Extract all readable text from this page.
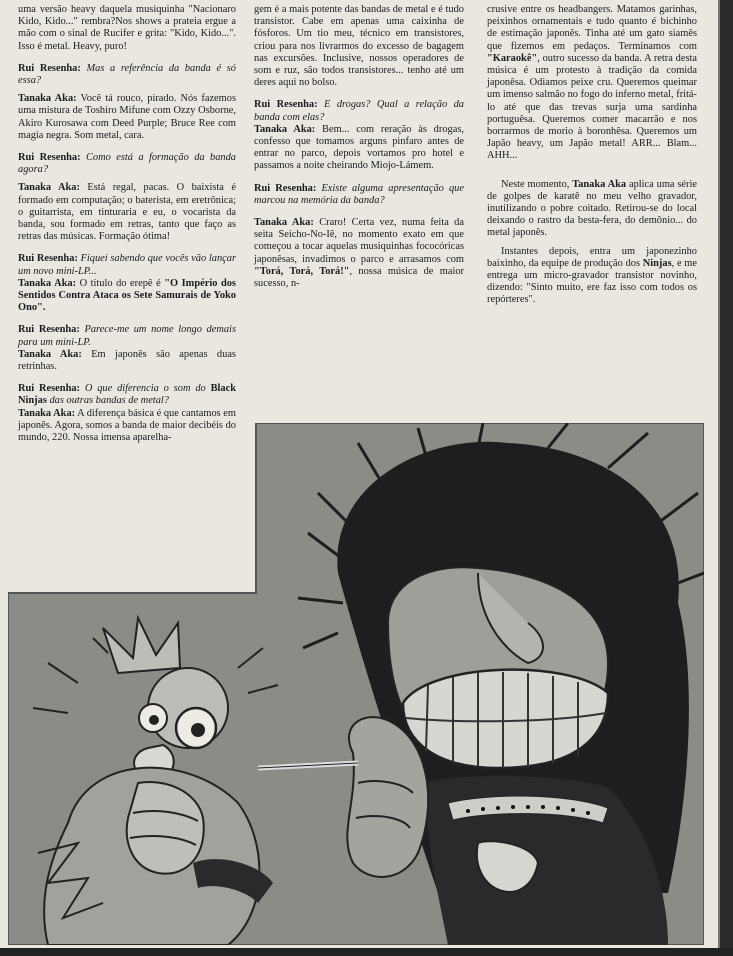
uma versão heavy daquela musiquinha "Nacionaro Kido, Kido..." rembra?Nos shows a prateia ergue a mão com o sinal de Rucifer e grita: "Kido, Kido...". Isso é metal. Heavy, puro!

Rui Resenha: Mas a referência da banda é só essa?

Tanaka Aka: Você tá rouco, pirado. Nós fazemos uma mistura de Toshiro Mifune com Ozzy Osborne, Akiro Kurosawa com Deed Purple; Bruce Ree com magia negra. Som metal, cara.

Rui Resenha: Como está a formação da banda agora?

Tanaka Aka: Está regal, pacas. O baixista é formado em computação; o baterista, em eretrônica; o guitarrista, em tinturaria e eu, o vocarista da banda, sou formado em retras, tanto que faço as retras das músicas. Formação ótima!

Rui Resenha: Fiquei sabendo que vocês vão lançar um novo mini-LP...
Tanaka Aka: O título do erepê é "O Império dos Sentidos Contra Ataca os Sete Samurais de Yoko Ono".

Rui Resenha: Parece-me um nome longo demais para um mini-LP.
Tanaka Aka: Em japonês são apenas duas retrinhas.

Rui Resenha: O que diferencia o som do Black Ninjas das outras bandas de metal?
Tanaka Aka: A diferença básica é que cantamos em japonês. Agora, somos a banda de maior decibéis do mundo, 220. Nossa imensa aparelha-

gem é a mais potente das bandas de metal e é tudo transistor. Cabe em apenas uma caixinha de fósforos. Um tio meu, técnico em transistores, criou para nos livrarmos do excesso de bagagem nas excursões. Inclusive, nossos operadores de som e ruz, são todos transistores... tenho até um deres aqui no bolso.

Rui Resenha: E drogas? Qual a relação da banda com elas?
Tanaka Aka: Bem... com reração às drogas, confesso que tomamos arguns pinfaro antes de entrar no parco, depois vortamos pro hotel e passamos a noite cheirando Miojo-Lámem.

Rui Resenha: Existe alguma apresentação que marcou na memória da banda?

Tanaka Aka: Craro! Certa vez, numa feita da seita Seicho-No-Iê, no momento exato em que começou a tocar aquelas musiquinhas fococóricas japonêsas, invadimos o parco e arrasamos com "Torá, Torá, Torá!", nossa música de maior sucesso, n-

crusive entre os headbangers. Matamos garinhas, peixinhos ornamentais e tudo quanto é bichinho de estimação japonês. Tinha até um gato siamês que fizemos em pedaços. Terminamos com "Karaokê", outro sucesso da banda. A retra desta música é um protesto à tradição da comida japonêsa. Odiamos peixe cru. Queremos queimar um imenso salmão no fogo do inferno metal, fritá-lo até que das trevas surja uma sardinha portuguêsa. Queremos comer macarrão e nos borrarmos de morio à boronhêsa. Queremos um Japão heavy, um Japão metal! ARR... Blam... AHH...

Neste momento, Tanaka Aka aplica uma série de golpes de karatê no meu velho gravador, inutilizando o pobre coitado. Retirou-se do local deixando o rastro da besta-fera, do demônio... do metal japonês.

Instantes depois, entra um japonezinho baixinho, da equipe de produção dos Ninjas, e me entrega um micro-gravador transistor novinho, dizendo: "Sinto muito, ere faz isso com todos os repórteres".
